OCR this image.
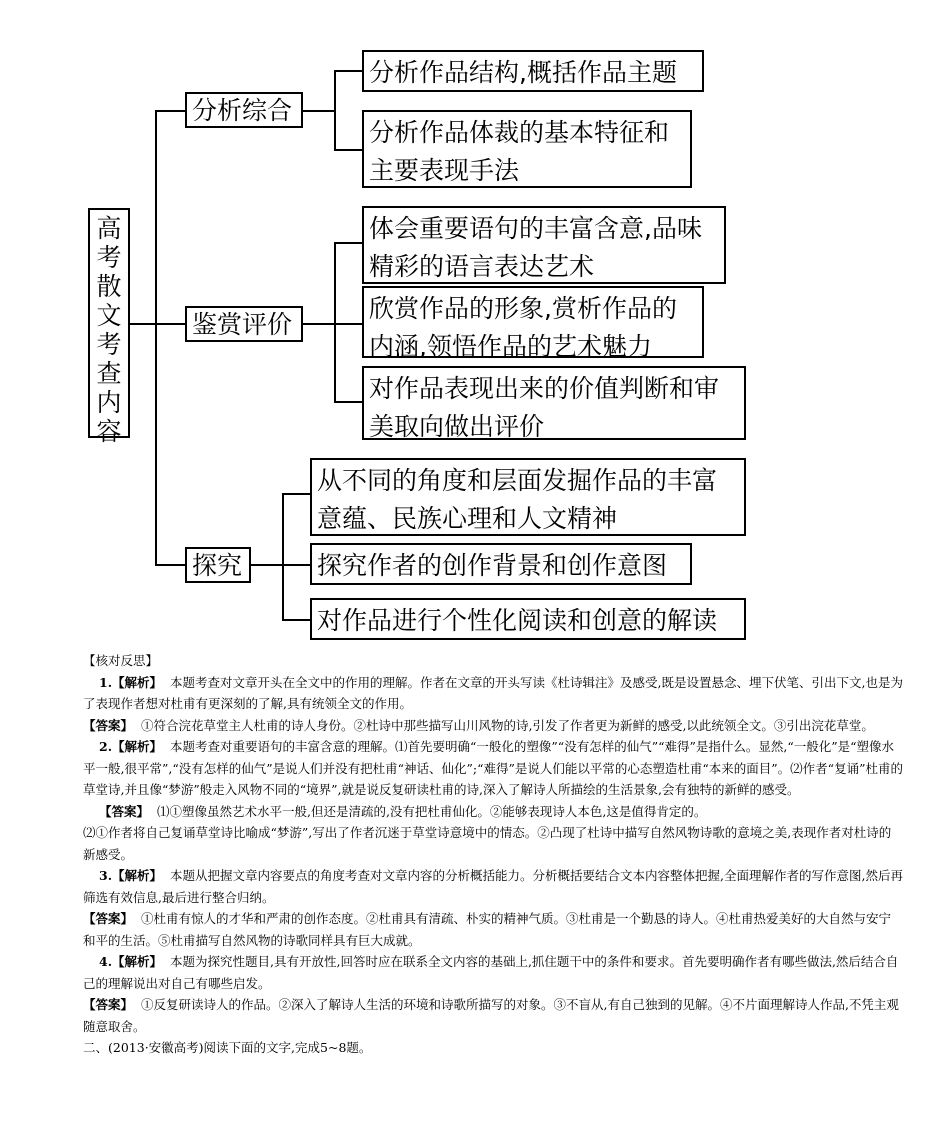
高考散文考查内容
分析综合
分析作品结构,概括作品主题
分析作品体裁的基本特征和主要表现手法
鉴赏评价
体会重要语句的丰富含意,品味精彩的语言表达艺术
欣赏作品的形象,赏析作品的内涵,领悟作品的艺术魅力
对作品表现出来的价值判断和审美取向做出评价
探究
从不同的角度和层面发掘作品的丰富意蕴、民族心理和人文精神
探究作者的创作背景和创作意图
对作品进行个性化阅读和创意的解读

【核对反思】

1.【解析】 本题考查对文章开头在全文中的作用的理解。作者在文章的开头写读《杜诗辑注》及感受,既是设置悬念、埋下伏笔、引出下文,也是为了表现作者想对杜甫有更深刻的了解,具有统领全文的作用。

【答案】 ①符合浣花草堂主人杜甫的诗人身份。②杜诗中那些描写山川风物的诗,引发了作者更为新鲜的感受,以此统领全文。③引出浣花草堂。

2.【解析】 本题考查对重要语句的丰富含意的理解。⑴首先要明确“一般化的塑像”“没有怎样的仙气”“难得”是指什么。显然,“一般化”是“塑像水平一般,很平常”,“没有怎样的仙气”是说人们并没有把杜甫“神话、仙化”;“难得”是说人们能以平常的心态塑造杜甫“本来的面目”。⑵作者“复诵”杜甫的草堂诗,并且像“梦游”般走入风物不同的“境界”,就是说反复研读杜甫的诗,深入了解诗人所描绘的生活景象,会有独特的新鲜的感受。

【答案】 ⑴①塑像虽然艺术水平一般,但还是清疏的,没有把杜甫仙化。②能够表现诗人本色,这是值得肯定的。

⑵①作者将自己复诵草堂诗比喻成“梦游”,写出了作者沉迷于草堂诗意境中的情态。②凸现了杜诗中描写自然风物诗歌的意境之美,表现作者对杜诗的新感受。

3.【解析】 本题从把握文章内容要点的角度考查对文章内容的分析概括能力。分析概括要结合文本内容整体把握,全面理解作者的写作意图,然后再筛选有效信息,最后进行整合归纳。

【答案】 ①杜甫有惊人的才华和严肃的创作态度。②杜甫具有清疏、朴实的精神气质。③杜甫是一个勤恳的诗人。④杜甫热爱美好的大自然与安宁和平的生活。⑤杜甫描写自然风物的诗歌同样具有巨大成就。

4.【解析】 本题为探究性题目,具有开放性,回答时应在联系全文内容的基础上,抓住题干中的条件和要求。首先要明确作者有哪些做法,然后结合自己的理解说出对自己有哪些启发。

【答案】 ①反复研读诗人的作品。②深入了解诗人生活的环境和诗歌所描写的对象。③不盲从,有自己独到的见解。④不片面理解诗人作品,不凭主观随意取舍。

二、(2013·安徽高考)阅读下面的文字,完成5~8题。
